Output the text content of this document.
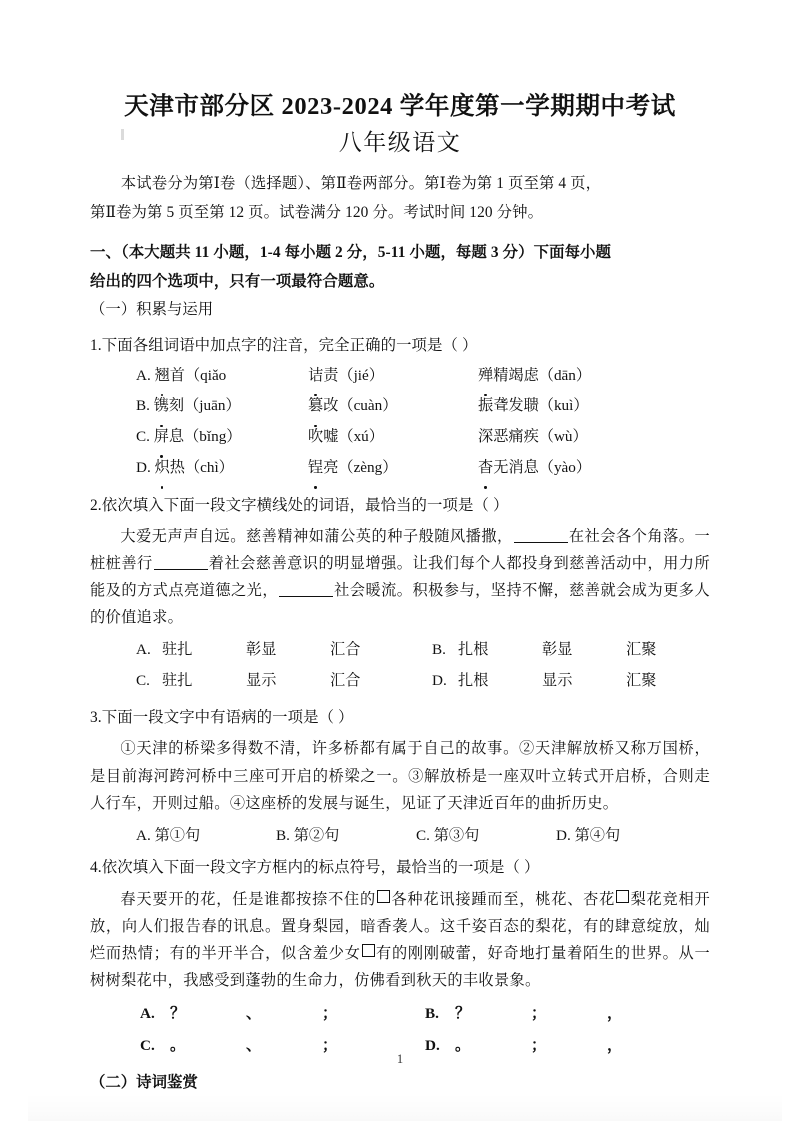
天津市部分区 2023-2024 学年度第一学期期中考试
八年级语文

本试卷分为第Ⅰ卷（选择题）、第Ⅱ卷两部分。第Ⅰ卷为第 1 页至第 4 页，

第Ⅱ卷为第 5 页至第 12 页。试卷满分 120 分。考试时间 120 分钟。

一、（本大题共 11 小题，1-4 每小题 2 分，5-11 小题，每题 3 分）下面每小题

给出的四个选项中，只有一项最符合题意。

（一）积累与运用

1.下面各组词语中加点字的注音，完全正确的一项是（ ）

A. 翘首（qiǎo	诘责（jié）	殚精竭虑（dān）
B. 镌刻（juān）	篡改（cuàn）	振聋发聩（kuì）
C. 屏息（bǐng）	吹嘘（xú）	深恶痛疾（wù）
D. 炽热（chì）	锃亮（zèng）	杳无消息（yào）

2.依次填入下面一段文字横线处的词语，最恰当的一项是（ ）

大爱无声声自远。慈善精神如蒲公英的种子般随风播撒，	在社会各个角落。一桩桩善行	着社会慈善意识的明显增强。让我们每个人都投身到慈善活动中，用力所能及的方式点亮道德之光，	社会暖流。积极参与，坚持不懈，慈善就会成为更多人的价值追求。

A. 驻扎	彰显	汇合	B. 扎根	彰显	汇聚
C. 驻扎	显示	汇合	D. 扎根	显示	汇聚

3.下面一段文字中有语病的一项是（ ）

①天津的桥梁多得数不清，许多桥都有属于自己的故事。②天津解放桥又称万国桥，是目前海河跨河桥中三座可开启的桥梁之一。③解放桥是一座双叶立转式开启桥，合则走人行车，开则过船。④这座桥的发展与诞生，见证了天津近百年的曲折历史。

A. 第①句	B. 第②句	C. 第③句	D. 第④句

4.依次填入下面一段文字方框内的标点符号，最恰当的一项是（ ）

春天要开的花，任是谁都按捺不住的 各种花讯接踵而至，桃花、杏花 梨花竞相开放，向人们报告春的讯息。置身梨园，暗香袭人。这千姿百态的梨花，有的肆意绽放，灿烂而热情；有的半开半合，似含羞少女 有的刚刚破蕾，好奇地打量着陌生的世界。从一树树梨花中，我感受到蓬勃的生命力，仿佛看到秋天的丰收景象。

A.	？	、	；	B.	？	；	，
C.	。	、	；	D.	。	；	，

（二）诗词鉴赏

1
